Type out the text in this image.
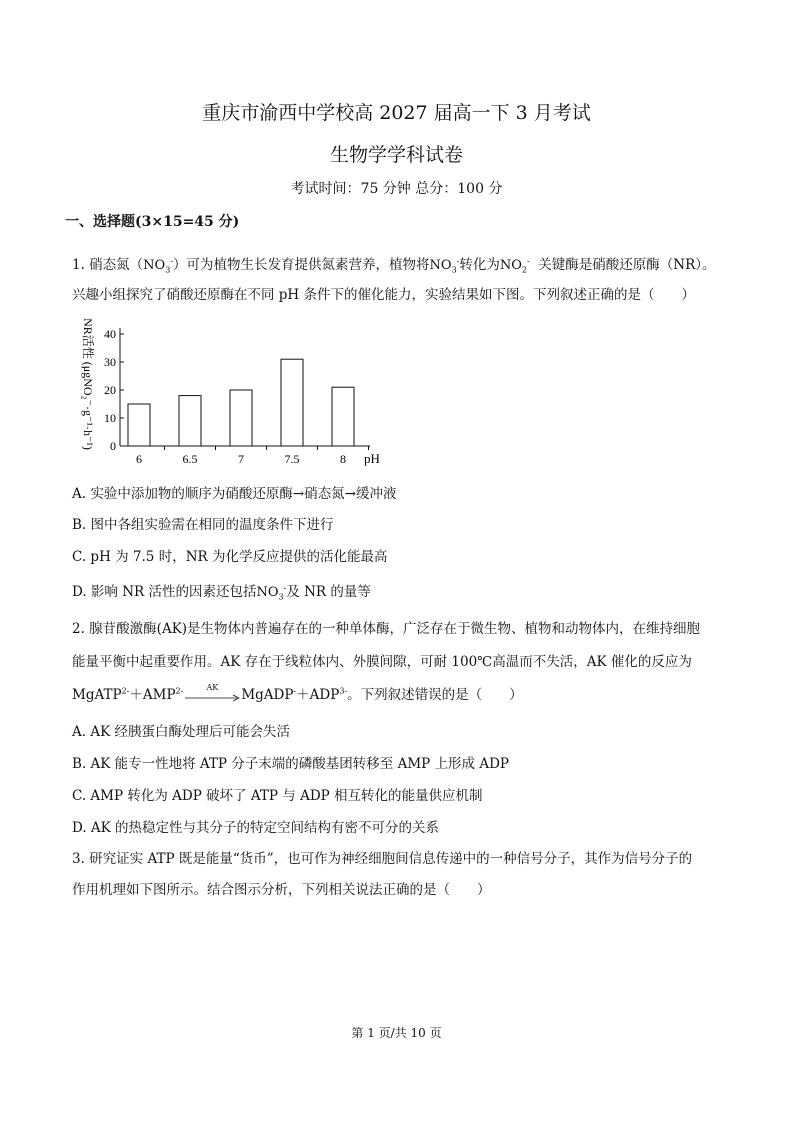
重庆市渝西中学校高 2027 届高一下 3 月考试
生物学学科试卷
考试时间：75 分钟 总分：100 分
一、选择题(3×15=45 分)
1. 硝态氮$(NO_3^-)$可为植物生长发育提供氮素营养，植物将$NO_3^-$转化为$NO_2^-$ 关键酶是硝酸还原酶（NR）。
兴趣小组探究了硝酸还原酶在不同 pH 条件下的催化能力，实验结果如下图。下列叙述正确的是（　　）
0
10
20
30
40
6	6.5	7	7.5	8 pH
NR活性 (μgNO₂⁻·g⁻¹·h⁻¹)
A. 实验中添加物的顺序为硝酸还原酶→硝态氮→缓冲液
B. 图中各组实验需在相同的温度条件下进行
C. pH 为 7.5 时，NR 为化学反应提供的活化能最高
D. 影响 NR 活性的因素还包括$NO_3^-$及 NR 的量等
2. 腺苷酸激酶(AK)是生物体内普遍存在的一种单体酶，广泛存在于微生物、植物和动物体内，在维持细胞
能量平衡中起重要作用。AK 存在于线粒体内、外膜间隙，可耐 100℃高温而不失活，AK 催化的反应为
$MgATP^{2-}+AMP^{2-}$	AK	$MgADP^-+ADP^{3-}$。下列叙述错误的是（　　）
A. AK 经胰蛋白酶处理后可能会失活
B. AK 能专一性地将 ATP 分子末端的磷酸基团转移至 AMP 上形成 ADP
C. AMP 转化为 ADP 破坏了 ATP 与 ADP 相互转化的能量供应机制
D. AK 的热稳定性与其分子的特定空间结构有密不可分的关系
3. 研究证实 ATP 既是能量“货币”，也可作为神经细胞间信息传递中的一种信号分子，其作为信号分子的
作用机理如下图所示。结合图示分析，下列相关说法正确的是（　　）
第 1 页/共 10 页
